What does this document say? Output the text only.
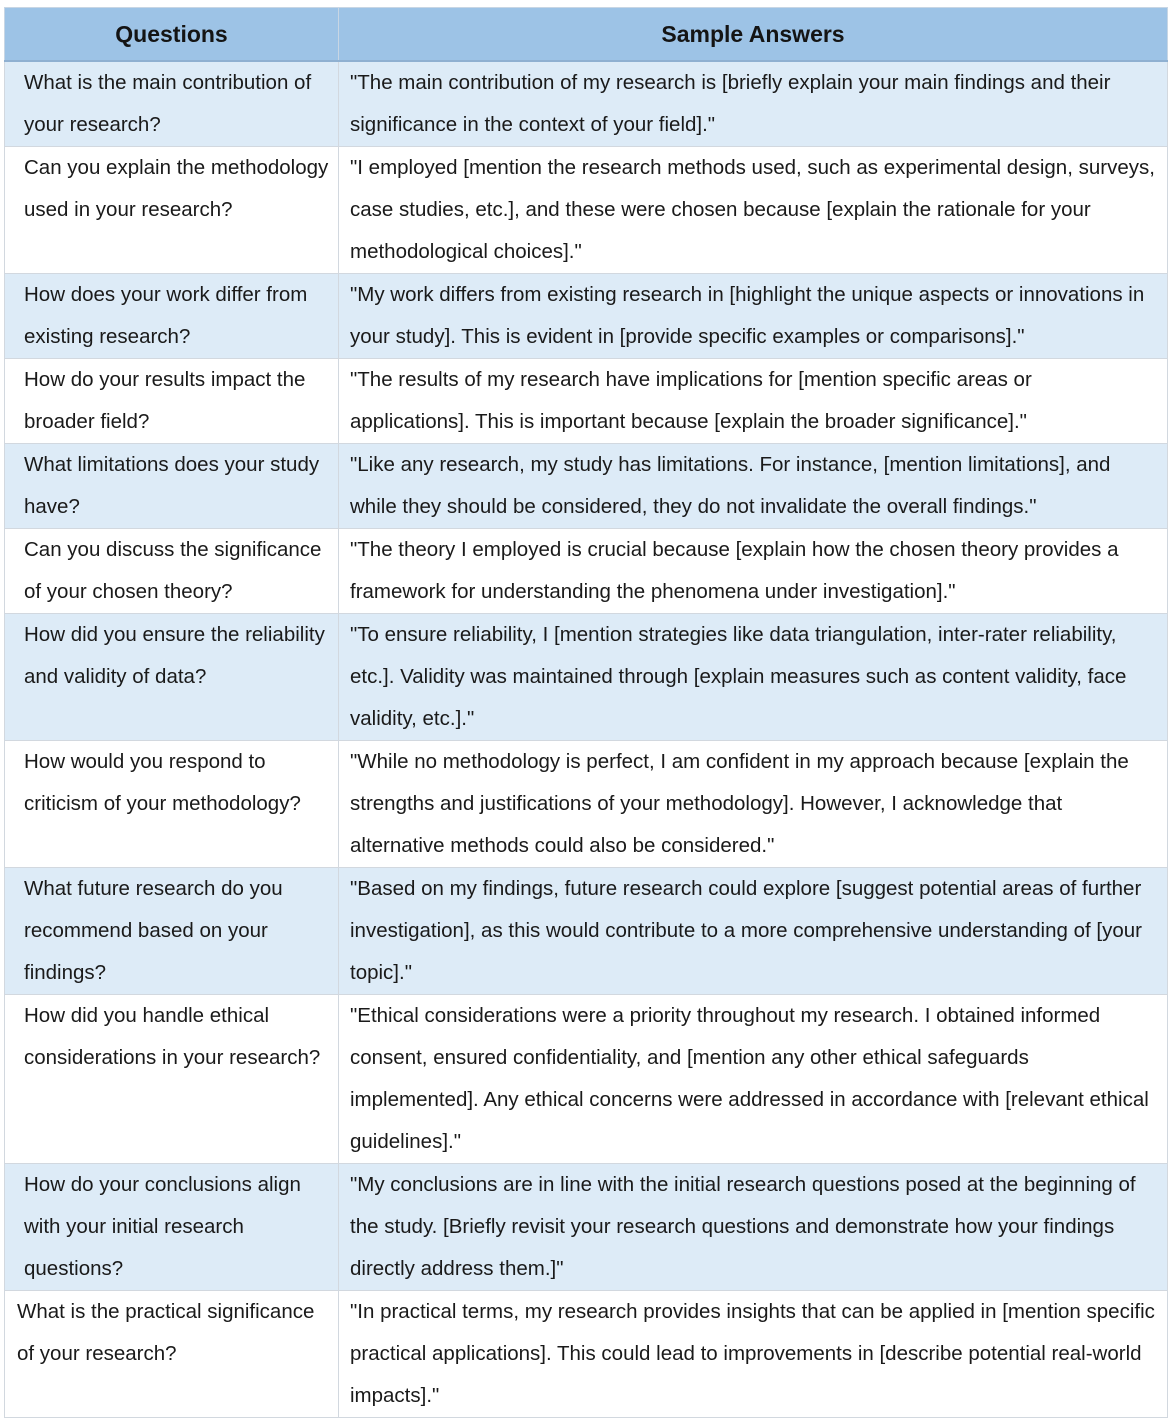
Questions	Sample Answers
What is the main contribution of your research?	"The main contribution of my research is [briefly explain your main findings and their significance in the context of your field]."
Can you explain the methodology used in your research?	"I employed [mention the research methods used, such as experimental design, surveys, case studies, etc.], and these were chosen because [explain the rationale for your methodological choices]."
How does your work differ from existing research?	"My work differs from existing research in [highlight the unique aspects or innovations in your study]. This is evident in [provide specific examples or comparisons]."
How do your results impact the broader field?	"The results of my research have implications for [mention specific areas or applications]. This is important because [explain the broader significance]."
What limitations does your study have?	"Like any research, my study has limitations. For instance, [mention limitations], and while they should be considered, they do not invalidate the overall findings."
Can you discuss the significance of your chosen theory?	"The theory I employed is crucial because [explain how the chosen theory provides a framework for understanding the phenomena under investigation]."
How did you ensure the reliability and validity of data?	"To ensure reliability, I [mention strategies like data triangulation, inter-rater reliability, etc.]. Validity was maintained through [explain measures such as content validity, face validity, etc.]."
How would you respond to criticism of your methodology?	"While no methodology is perfect, I am confident in my approach because [explain the strengths and justifications of your methodology]. However, I acknowledge that alternative methods could also be considered."
What future research do you recommend based on your findings?	"Based on my findings, future research could explore [suggest potential areas of further investigation], as this would contribute to a more comprehensive understanding of [your topic]."
How did you handle ethical considerations in your research?	"Ethical considerations were a priority throughout my research. I obtained informed consent, ensured confidentiality, and [mention any other ethical safeguards implemented]. Any ethical concerns were addressed in accordance with [relevant ethical guidelines]."
How do your conclusions align with your initial research questions?	"My conclusions are in line with the initial research questions posed at the beginning of the study. [Briefly revisit your research questions and demonstrate how your findings directly address them.]"
What is the practical significance of your research?	"In practical terms, my research provides insights that can be applied in [mention specific practical applications]. This could lead to improvements in [describe potential real-world impacts]."
